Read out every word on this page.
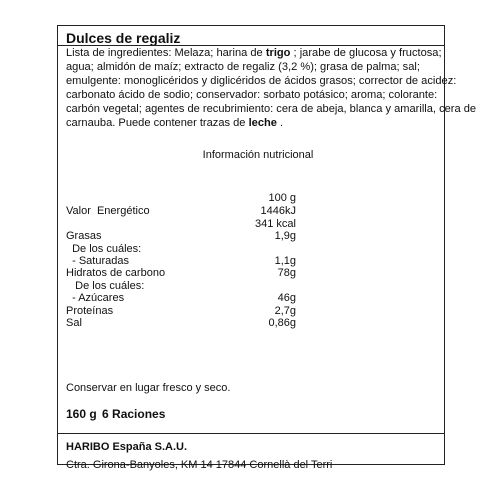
Dulces de regaliz
Lista de ingredientes: Melaza; harina de trigo ; jarabe de glucosa y fructosa;
agua; almidón de maíz; extracto de regaliz (3,2 %); grasa de palma; sal;
emulgente: monoglicéridos y diglicéridos de ácidos grasos; corrector de acidez:
carbonato ácido de sodio; conservador: sorbato potásico; aroma; colorante:
carbón vegetal; agentes de recubrimiento: cera de abeja, blanca y amarilla, cera de
carnauba. Puede contener trazas de leche .
Información nutricional
100 g
Valor  Energético	1446kJ
341 kcal
Grasas	1,9g
De los cuáles:
- Saturadas	1,1g
Hidratos de carbono	78g
De los cuáles:
- Azúcares	46g
Proteínas	2,7g
Sal	0,86g
Conservar en lugar fresco y seco.
160 g 6 Raciones
HARIBO España S.A.U.
Ctra. Girona-Banyoles, KM 14 17844 Cornellà del Terri
